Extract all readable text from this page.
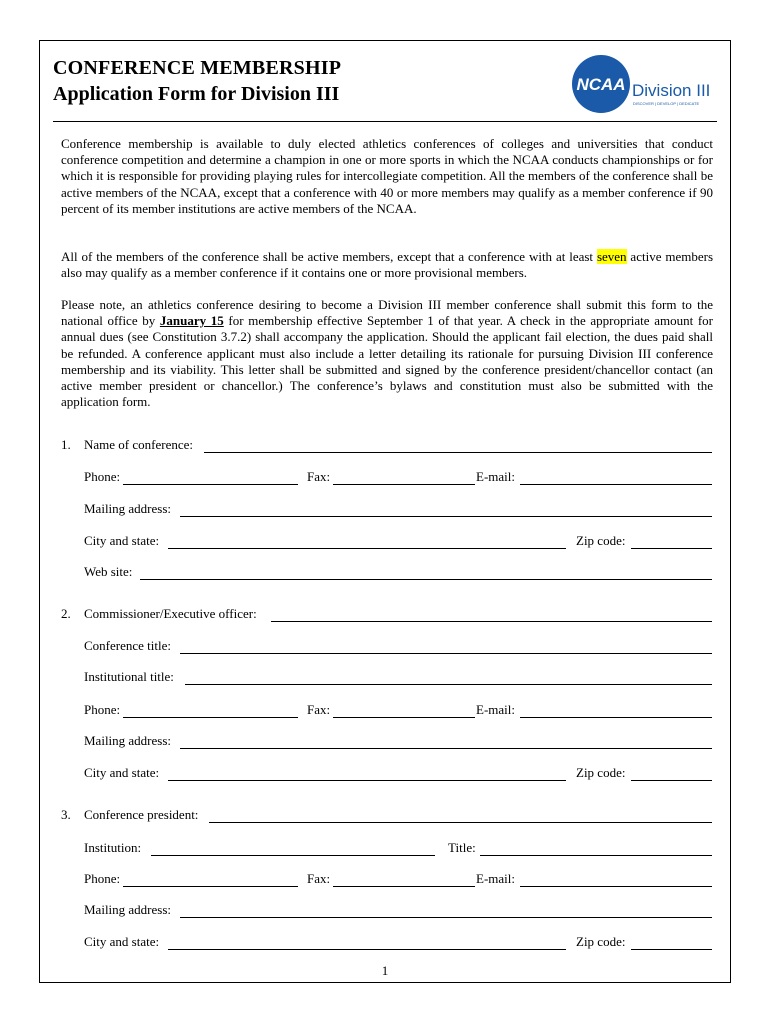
CONFERENCE MEMBERSHIP
Application Form for Division III	NCAA Division III
DISCOVER | DEVELOP | DEDICATE

Conference membership is available to duly elected athletics conferences of colleges and universities that conduct conference competition and determine a champion in one or more sports in which the NCAA conducts championships or for which it is responsible for providing playing rules for intercollegiate competition. All the members of the conference shall be active members of the NCAA, except that a conference with 40 or more members may qualify as a member conference if 90 percent of its member institutions are active members of the NCAA.

All of the members of the conference shall be active members, except that a conference with at least seven active members also may qualify as a member conference if it contains one or more provisional members.

Please note, an athletics conference desiring to become a Division III member conference shall submit this form to the national office by January 15 for membership effective September 1 of that year. A check in the appropriate amount for annual dues (see Constitution 3.7.2) shall accompany the application. Should the applicant fail election, the dues paid shall be refunded. A conference applicant must also include a letter detailing its rationale for pursuing Division III conference membership and its viability. This letter shall be submitted and signed by the conference president/chancellor contact (an active member president or chancellor.) The conference’s bylaws and constitution must also be submitted with the application form.

1. Name of conference:
Phone:	Fax:	E-mail:
Mailing address:
City and state:	Zip code:
Web site:
2. Commissioner/Executive officer:
Conference title:
Institutional title:
Phone:	Fax:	E-mail:
Mailing address:
City and state:	Zip code:
3. Conference president:
Institution:	Title:
Phone:	Fax:	E-mail:
Mailing address:
City and state:	Zip code:
1
